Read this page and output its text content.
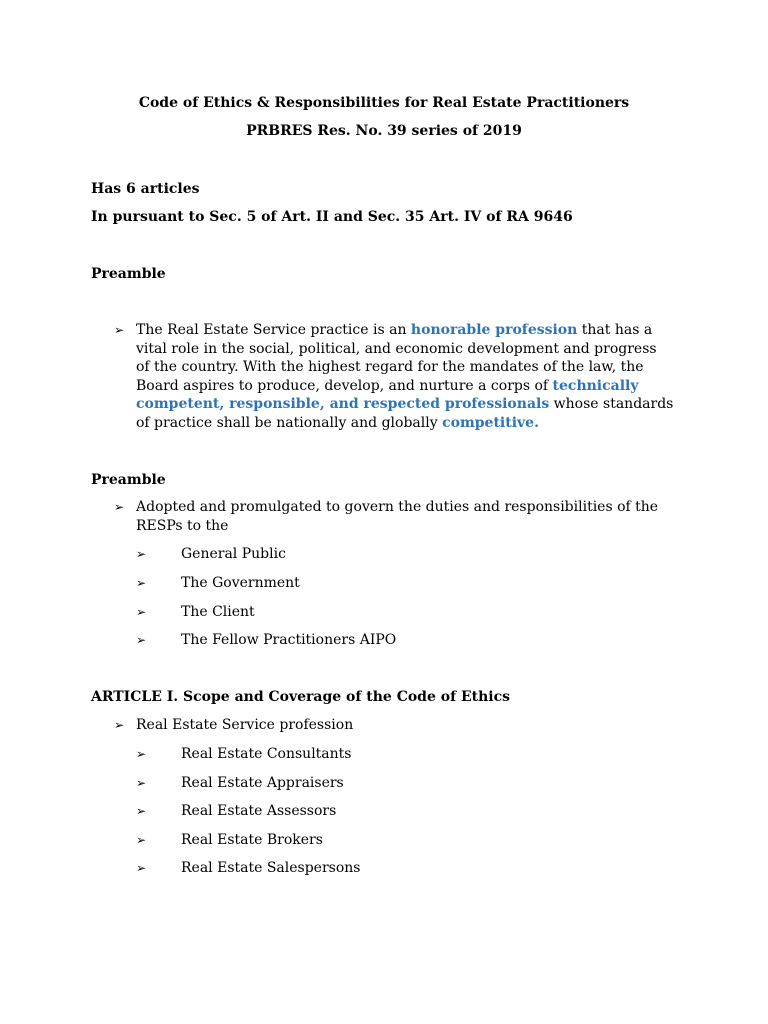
Code of Ethics & Responsibilities for Real Estate Practitioners
PRBRES Res. No. 39 series of 2019
Has 6 articles
In pursuant to Sec. 5 of Art. II and Sec. 35 Art. IV of RA 9646
Preamble
➢ The Real Estate Service practice is an honorable profession that has a vital role in the social, political, and economic development and progress of the country. With the highest regard for the mandates of the law, the Board aspires to produce, develop, and nurture a corps of technically competent, responsible, and respected professionals whose standards of practice shall be nationally and globally competitive.
Preamble
➢ Adopted and promulgated to govern the duties and responsibilities of the RESPs to the
➢ General Public
➢ The Government
➢ The Client
➢ The Fellow Practitioners AIPO
ARTICLE I. Scope and Coverage of the Code of Ethics
➢ Real Estate Service profession
➢ Real Estate Consultants
➢ Real Estate Appraisers
➢ Real Estate Assessors
➢ Real Estate Brokers
➢ Real Estate Salespersons
